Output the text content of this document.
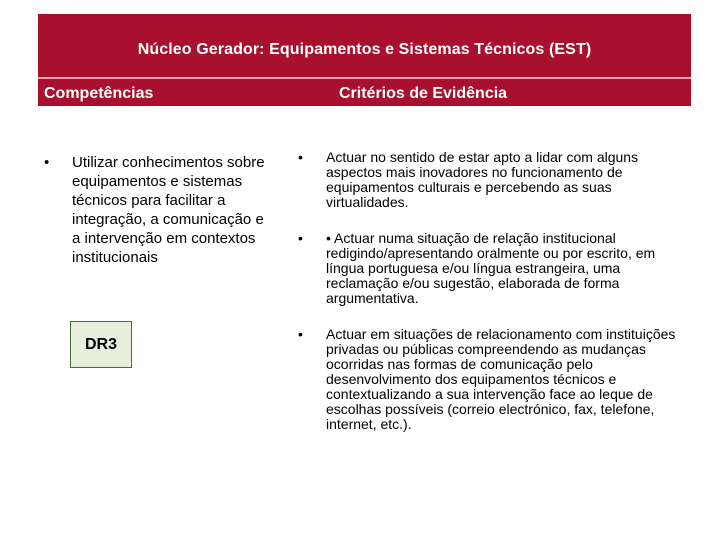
Núcleo Gerador: Equipamentos e Sistemas Técnicos (EST)
Competências	Critérios de Evidência
• Utilizar conhecimentos sobre equipamentos e sistemas técnicos para facilitar a integração, a comunicação e a intervenção em contextos institucionais
• Actuar no sentido de estar apto a lidar com alguns aspectos mais inovadores no funcionamento de equipamentos culturais e percebendo as suas virtualidades.
• • Actuar numa situação de relação institucional redigindo/apresentando oralmente ou por escrito, em língua portuguesa e/ou língua estrangeira, uma reclamação e/ou sugestão, elaborada de forma argumentativa.
• Actuar em situações de relacionamento com instituições privadas ou públicas compreendendo as mudanças ocorridas nas formas de comunicação pelo desenvolvimento dos equipamentos técnicos e contextualizando a sua intervenção face ao leque de escolhas possíveis (correio electrónico, fax, telefone, internet, etc.).
DR3
